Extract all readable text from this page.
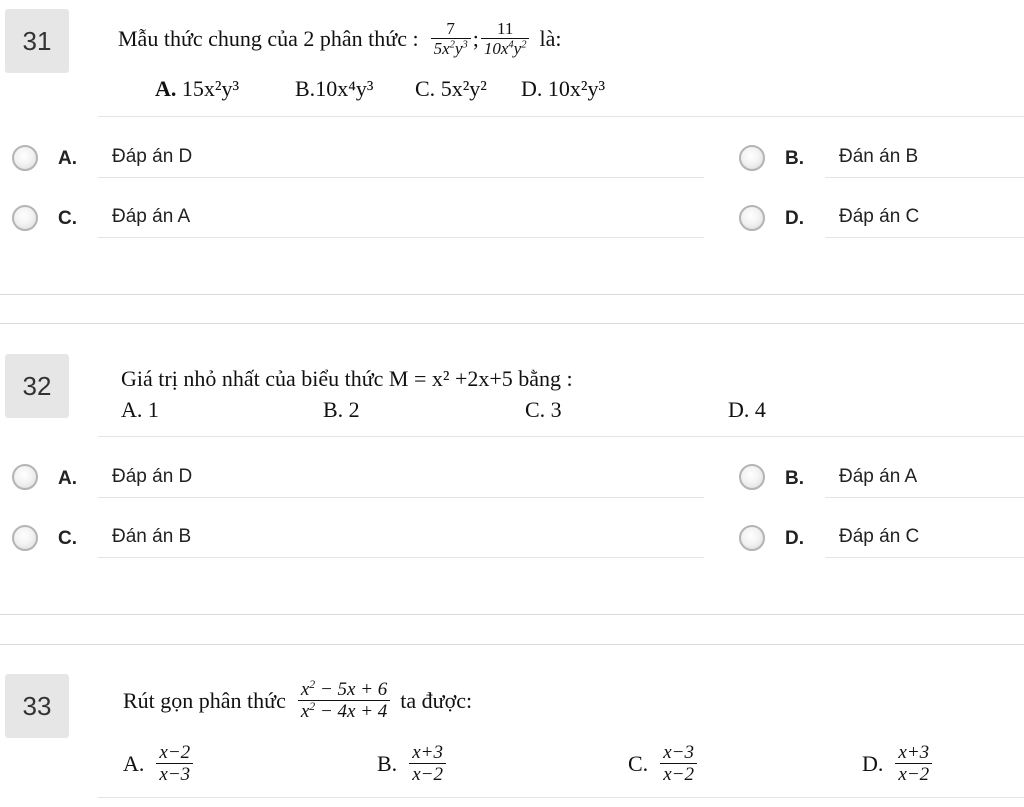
31	Mẫu thức chung của 2 phân thức : $\frac{7}{5x^2y^3}$ ; $\frac{11}{10x^4y^2}$ là:
A. 15x²y³	B.10x⁴y³ C. 5x²y² D. 10x²y³
A. Đáp án D	B. Đán án B
C. Đáp án A	D. Đáp án C
32	Giá trị nhỏ nhất của biểu thức M = x² +2x+5 bằng :
A. 1	B. 2	C. 3	D. 4
A. Đáp án D	B. Đáp án A
C. Đán án B	D. Đáp án C
33	Rút gọn phân thức $\frac{x^2 - 5x + 6}{x^2 - 4x + 4}$ ta được:
A. $\frac{x-2}{x-3}$	B. $\frac{x+3}{x-2}$	C. $\frac{x-3}{x-2}$	D. $\frac{x+3}{x-2}$
